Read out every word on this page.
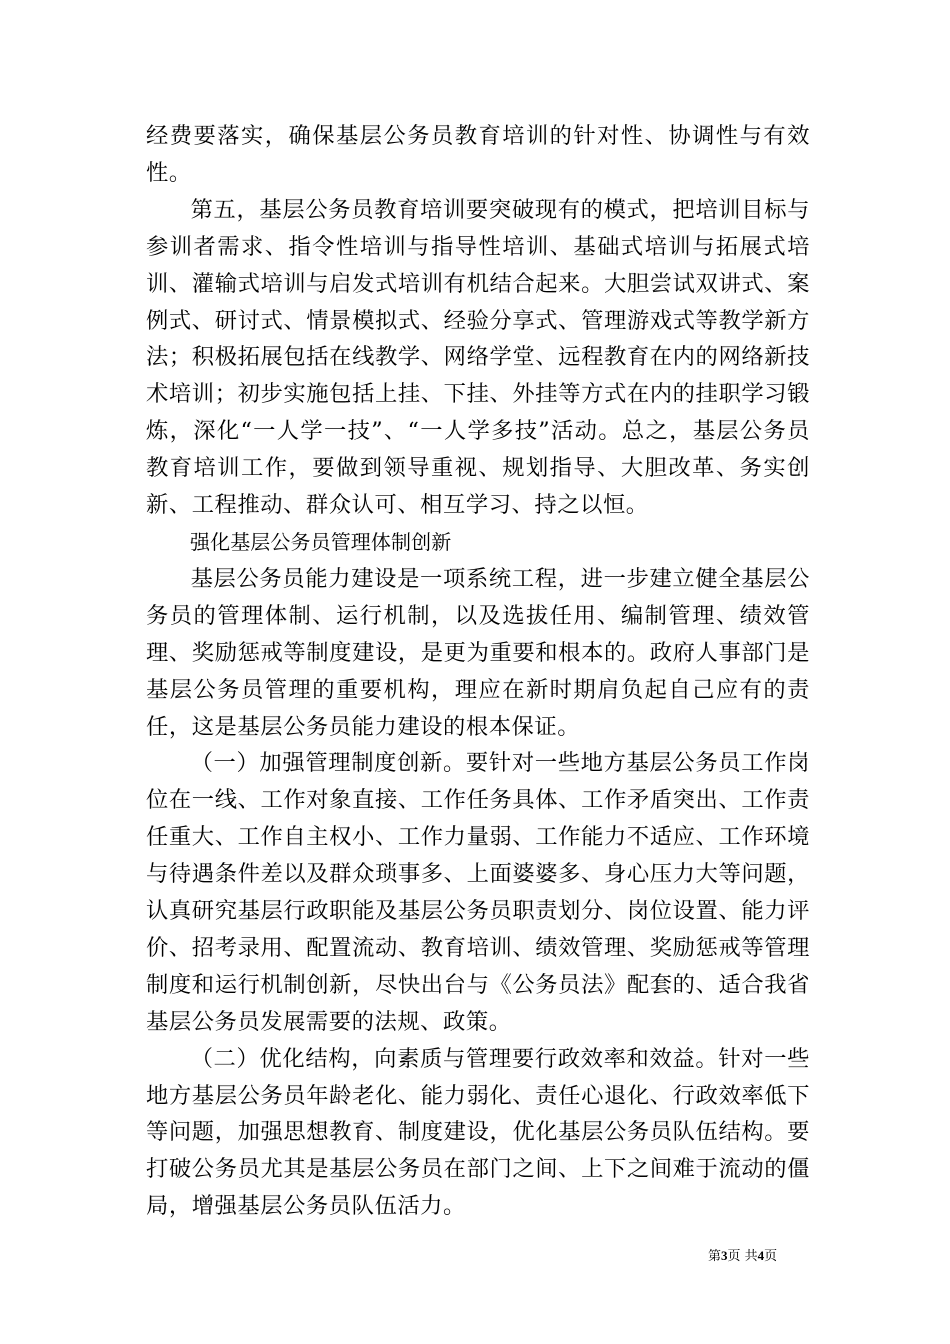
经费要落实，确保基层公务员教育培训的针对性、协调性与有效性。

第五，基层公务员教育培训要突破现有的模式，把培训目标与参训者需求、指令性培训与指导性培训、基础式培训与拓展式培训、灌输式培训与启发式培训有机结合起来。大胆尝试双讲式、案例式、研讨式、情景模拟式、经验分享式、管理游戏式等教学新方法；积极拓展包括在线教学、网络学堂、远程教育在内的网络新技术培训；初步实施包括上挂、下挂、外挂等方式在内的挂职学习锻炼，深化“一人学一技”、“一人学多技”活动。总之，基层公务员教育培训工作，要做到领导重视、规划指导、大胆改革、务实创新、工程推动、群众认可、相互学习、持之以恒。

强化基层公务员管理体制创新

基层公务员能力建设是一项系统工程，进一步建立健全基层公务员的管理体制、运行机制，以及选拔任用、编制管理、绩效管理、奖励惩戒等制度建设，是更为重要和根本的。政府人事部门是基层公务员管理的重要机构，理应在新时期肩负起自己应有的责任，这是基层公务员能力建设的根本保证。

（一）加强管理制度创新。要针对一些地方基层公务员工作岗位在一线、工作对象直接、工作任务具体、工作矛盾突出、工作责任重大、工作自主权小、工作力量弱、工作能力不适应、工作环境与待遇条件差以及群众琐事多、上面婆婆多、身心压力大等问题，认真研究基层行政职能及基层公务员职责划分、岗位设置、能力评价、招考录用、配置流动、教育培训、绩效管理、奖励惩戒等管理制度和运行机制创新，尽快出台与《公务员法》配套的、适合我省基层公务员发展需要的法规、政策。

（二）优化结构，向素质与管理要行政效率和效益。针对一些地方基层公务员年龄老化、能力弱化、责任心退化、行政效率低下等问题，加强思想教育、制度建设，优化基层公务员队伍结构。要打破公务员尤其是基层公务员在部门之间、上下之间难于流动的僵局，增强基层公务员队伍活力。

第3页 共4页
